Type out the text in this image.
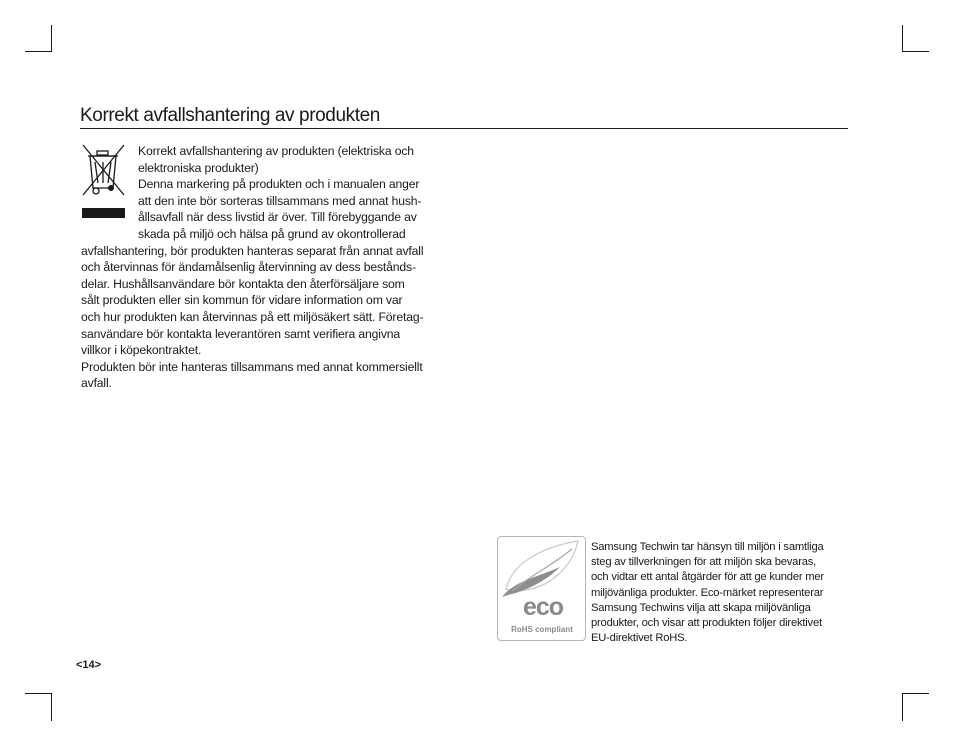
Korrekt avfallshantering av produkten
Korrekt avfallshantering av produkten (elektriska och
elektroniska produkter)
Denna markering på produkten och i manualen anger
att den inte bör sorteras tillsammans med annat hush-
ållsavfall när dess livstid är över. Till förebyggande av
skada på miljö och hälsa på grund av okontrollerad
avfallshantering, bör produkten hanteras separat från annat avfall
och återvinnas för ändamålsenlig återvinning av dess bestånds-
delar. Hushållsanvändare bör kontakta den återförsäljare som
sålt produkten eller sin kommun för vidare information om var
och hur produkten kan återvinnas på ett miljösäkert sätt. Företag-
sanvändare bör kontakta leverantören samt verifiera angivna
villkor i köpekontraktet.
Produkten bör inte hanteras tillsammans med annat kommersiellt
avfall.
eco
RoHS compliant
Samsung Techwin tar hänsyn till miljön i samtliga
steg av tillverkningen för att miljön ska bevaras,
och vidtar ett antal åtgärder för att ge kunder mer
miljövänliga produkter. Eco-märket representerar
Samsung Techwins vilja att skapa miljövänliga
produkter, och visar att produkten följer direktivet
EU-direktivet RoHS.
<14>
